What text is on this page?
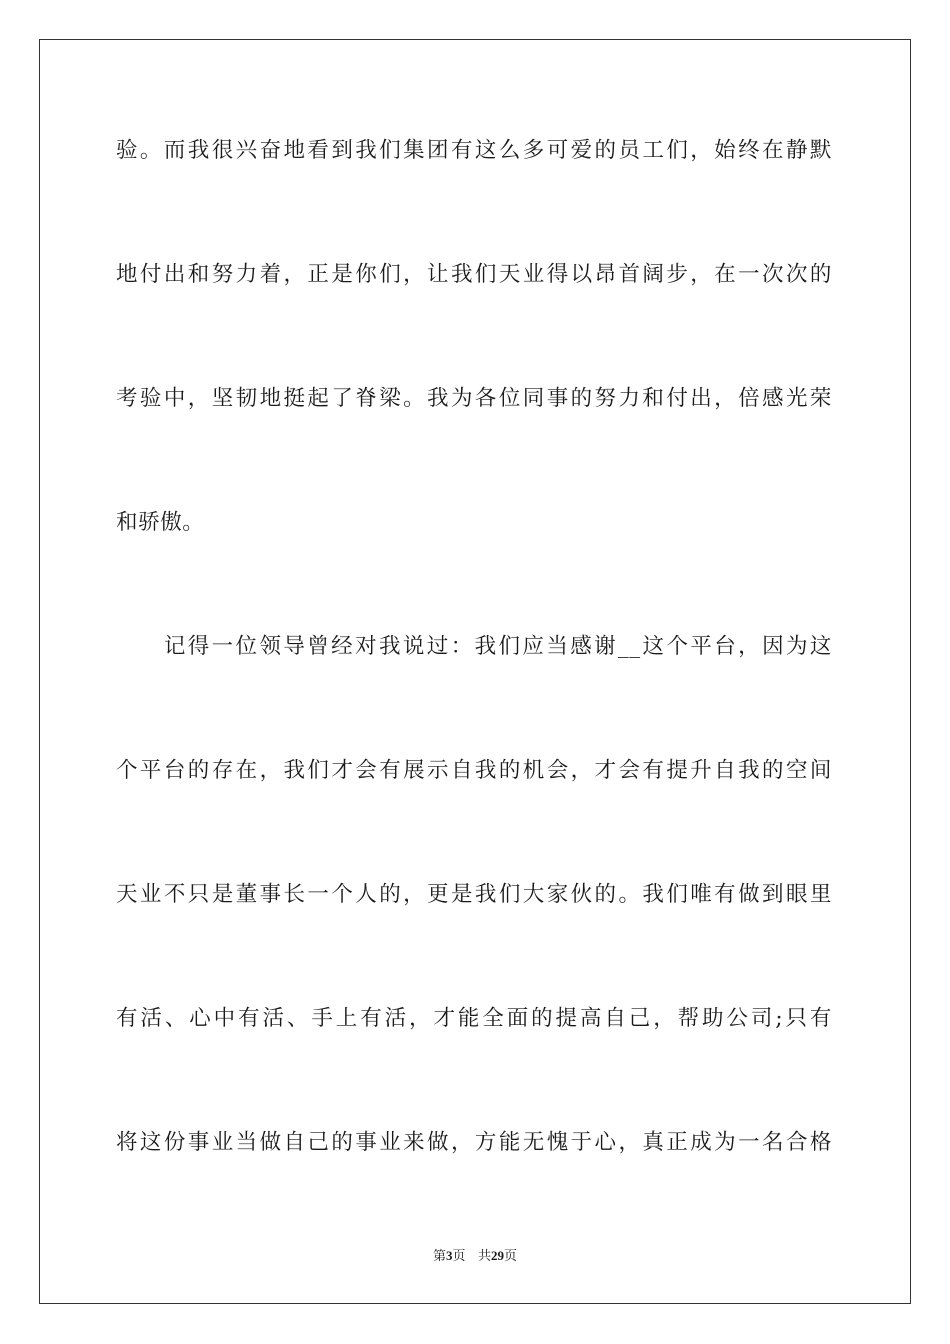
验。而我很兴奋地看到我们集团有这么多可爱的员工们，始终在静默
地付出和努力着，正是你们，让我们天业得以昂首阔步，在一次次的
考验中，坚韧地挺起了脊梁。我为各位同事的努力和付出，倍感光荣
和骄傲。
　　记得一位领导曾经对我说过：我们应当感谢__这个平台，因为这
个平台的存在，我们才会有展示自我的机会，才会有提升自我的空间
天业不只是董事长一个人的，更是我们大家伙的。我们唯有做到眼里
有活、心中有活、手上有活，才能全面的提高自己，帮助公司;只有
将这份事业当做自己的事业来做，方能无愧于心，真正成为一名合格
第3页 共29页
